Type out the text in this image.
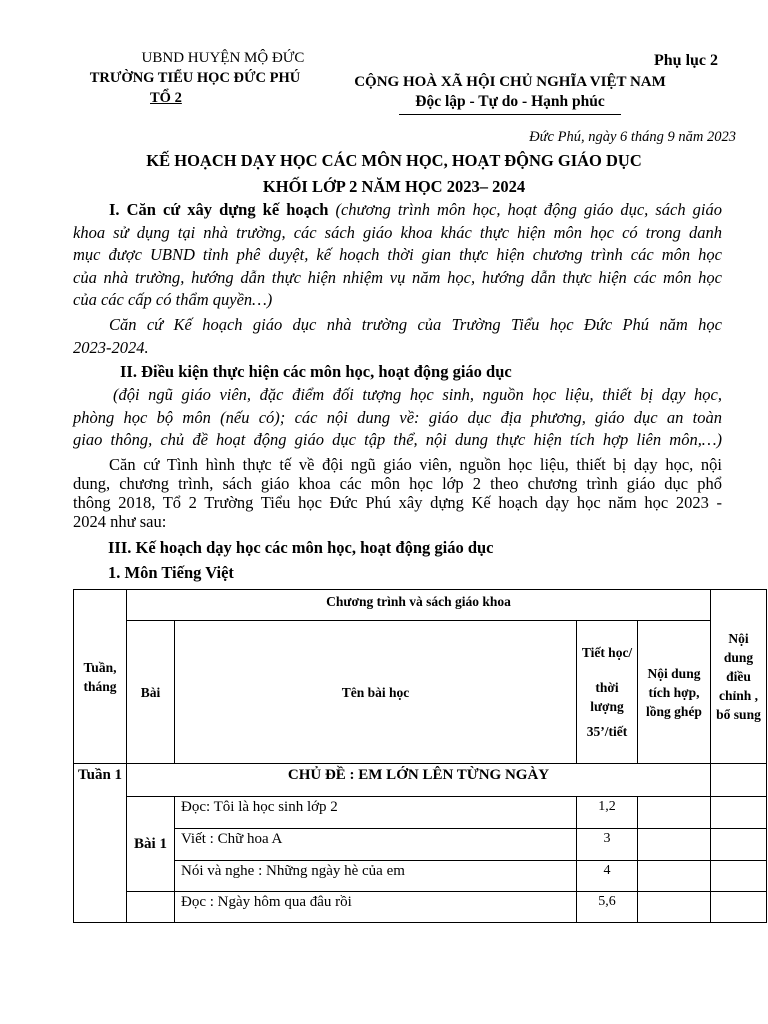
UBND HUYỆN MỘ ĐỨC
TRƯỜNG TIỂU HỌC ĐỨC PHÚ
TỔ 2
Phụ lục 2
CỘNG HOÀ XÃ HỘI CHỦ NGHĨA VIỆT NAM
Độc lập - Tự do - Hạnh phúc
Đức Phú, ngày 6 tháng 9 năm 2023
KẾ HOẠCH DẠY HỌC CÁC MÔN HỌC, HOẠT ĐỘNG GIÁO DỤC
KHỐI LỚP 2 NĂM HỌC 2023– 2024
I. Căn cứ xây dựng kế hoạch (chương trình môn học, hoạt động giáo dục, sách giáo
khoa sử dụng tại nhà trường, các sách giáo khoa khác thực hiện môn học có trong danh
mục được UBND tỉnh phê duyệt, kế hoạch thời gian thực hiện chương trình các môn học
của nhà trường, hướng dẫn thực hiện nhiệm vụ năm học, hướng dẫn thực hiện các môn học
của các cấp có thẩm quyền…)
Căn cứ Kế hoạch giáo dục nhà trường của Trường Tiểu học Đức Phú năm học
2023-2024.
II. Điều kiện thực hiện các môn học, hoạt động giáo dục
(đội ngũ giáo viên, đặc điểm đối tượng học sinh, nguồn học liệu, thiết bị dạy học,
phòng học bộ môn (nếu có); các nội dung về: giáo dục địa phương, giáo dục an toàn
giao thông, chủ đề hoạt động giáo dục tập thể, nội dung thực hiện tích hợp liên môn,…)
Căn cứ Tình hình thực tế về đội ngũ giáo viên, nguồn học liệu, thiết bị dạy học, nội
dung, chương trình, sách giáo khoa các môn học lớp 2 theo chương trình giáo dục phổ
thông 2018, Tổ 2 Trường Tiểu học Đức Phú xây dựng Kế hoạch dạy học năm học 2023 -
2024 như sau:
III. Kế hoạch dạy học các môn học, hoạt động giáo dục
1. Môn Tiếng Việt
Tuần, tháng	Chương trình và sách giáo khoa				Nội dung điều chỉnh , bổ sung
	Bài	Tên bài học	Tiết học/
thời lượng
35’/tiết	Nội dung tích hợp, lồng ghép	
Tuần 1	CHỦ ĐỀ : EM LỚN LÊN TỪNG NGÀY				
	Bài 1	Đọc: Tôi là học sinh lớp 2	1,2		
		Viết : Chữ hoa A	3		
		Nói và nghe : Những ngày hè của em	4		
		Đọc : Ngày hôm qua đâu rồi	5,6		
